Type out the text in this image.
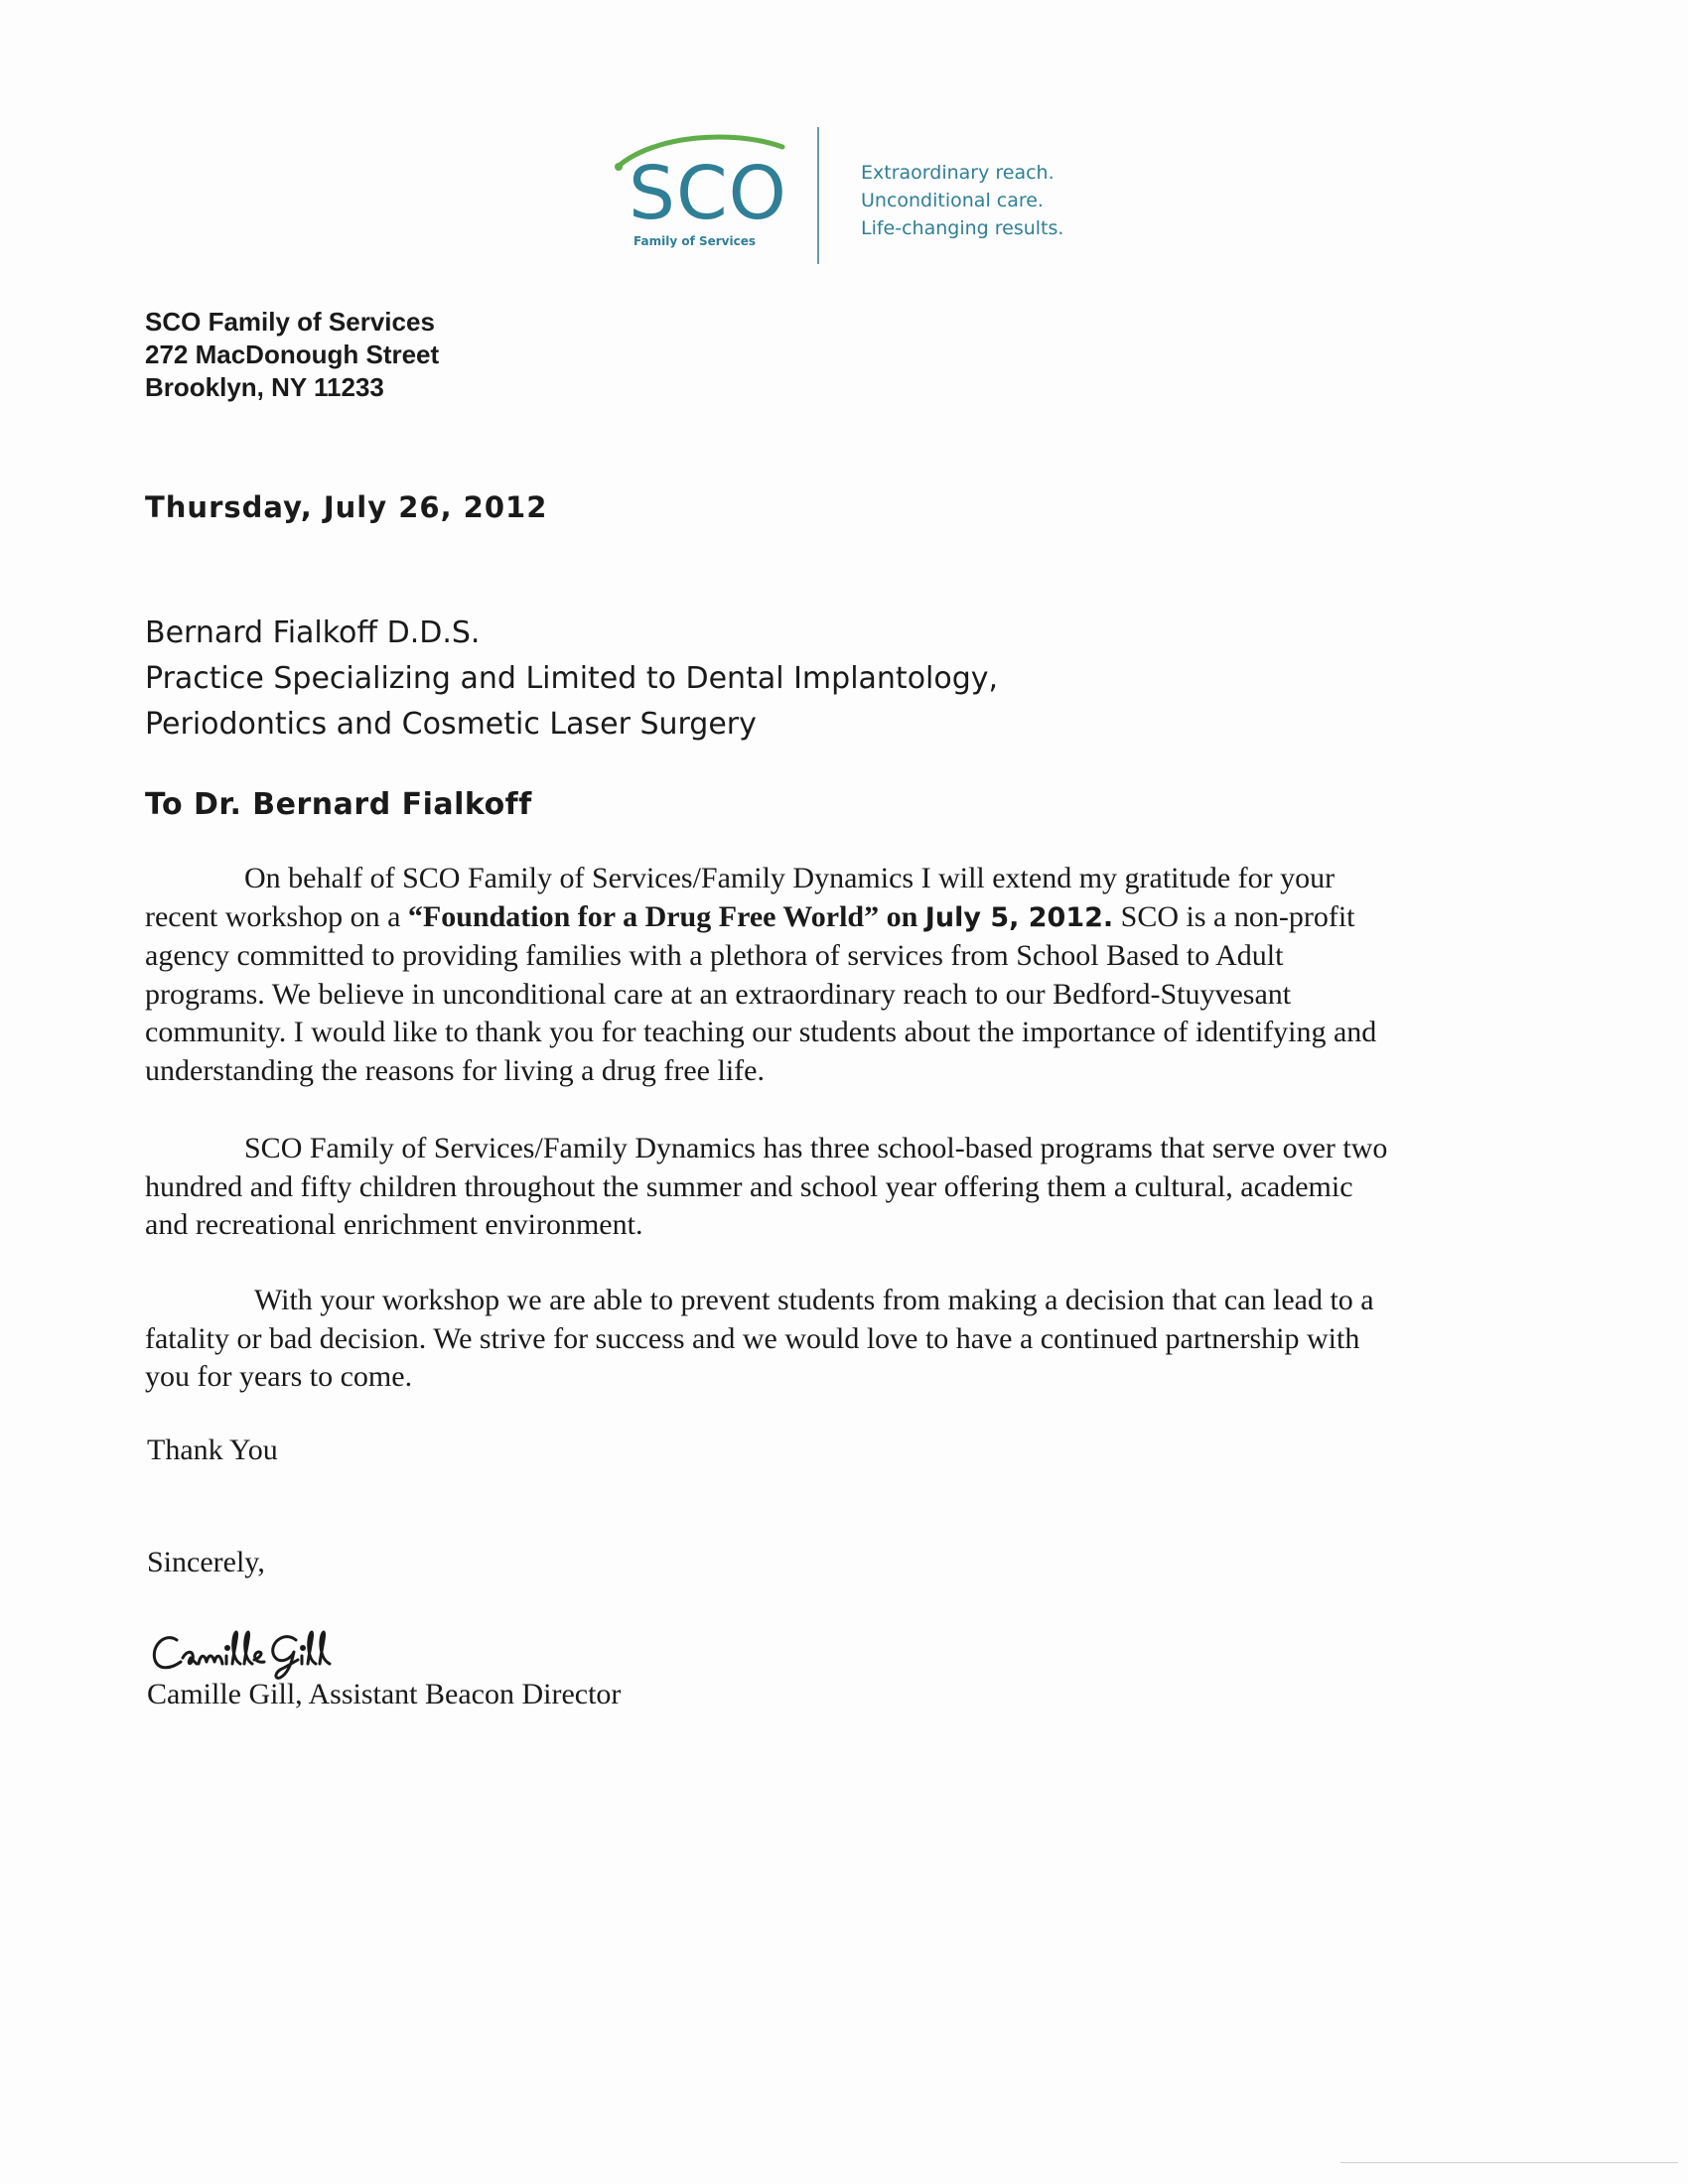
SCO
Family of Services
Extraordinary reach.
Unconditional care.
Life-changing results.
SCO Family of Services
272 MacDonough Street
Brooklyn, NY 11233
Thursday, July 26, 2012
Bernard Fialkoff D.D.S.
Practice Specializing and Limited to Dental Implantology,
Periodontics and Cosmetic Laser Surgery
To Dr. Bernard Fialkoff
On behalf of SCO Family of Services/Family Dynamics I will extend my gratitude for your
recent workshop on a “Foundation for a Drug Free World” on July 5, 2012. SCO is a non-profit
agency committed to providing families with a plethora of services from School Based to Adult
programs. We believe in unconditional care at an extraordinary reach to our Bedford-Stuyvesant
community. I would like to thank you for teaching our students about the importance of identifying and
understanding the reasons for living a drug free life.
SCO Family of Services/Family Dynamics has three school-based programs that serve over two
hundred and fifty children throughout the summer and school year offering them a cultural, academic
and recreational enrichment environment.
With your workshop we are able to prevent students from making a decision that can lead to a
fatality or bad decision. We strive for success and we would love to have a continued partnership with
you for years to come.
Thank You
Sincerely,
Camille Gill, Assistant Beacon Director
